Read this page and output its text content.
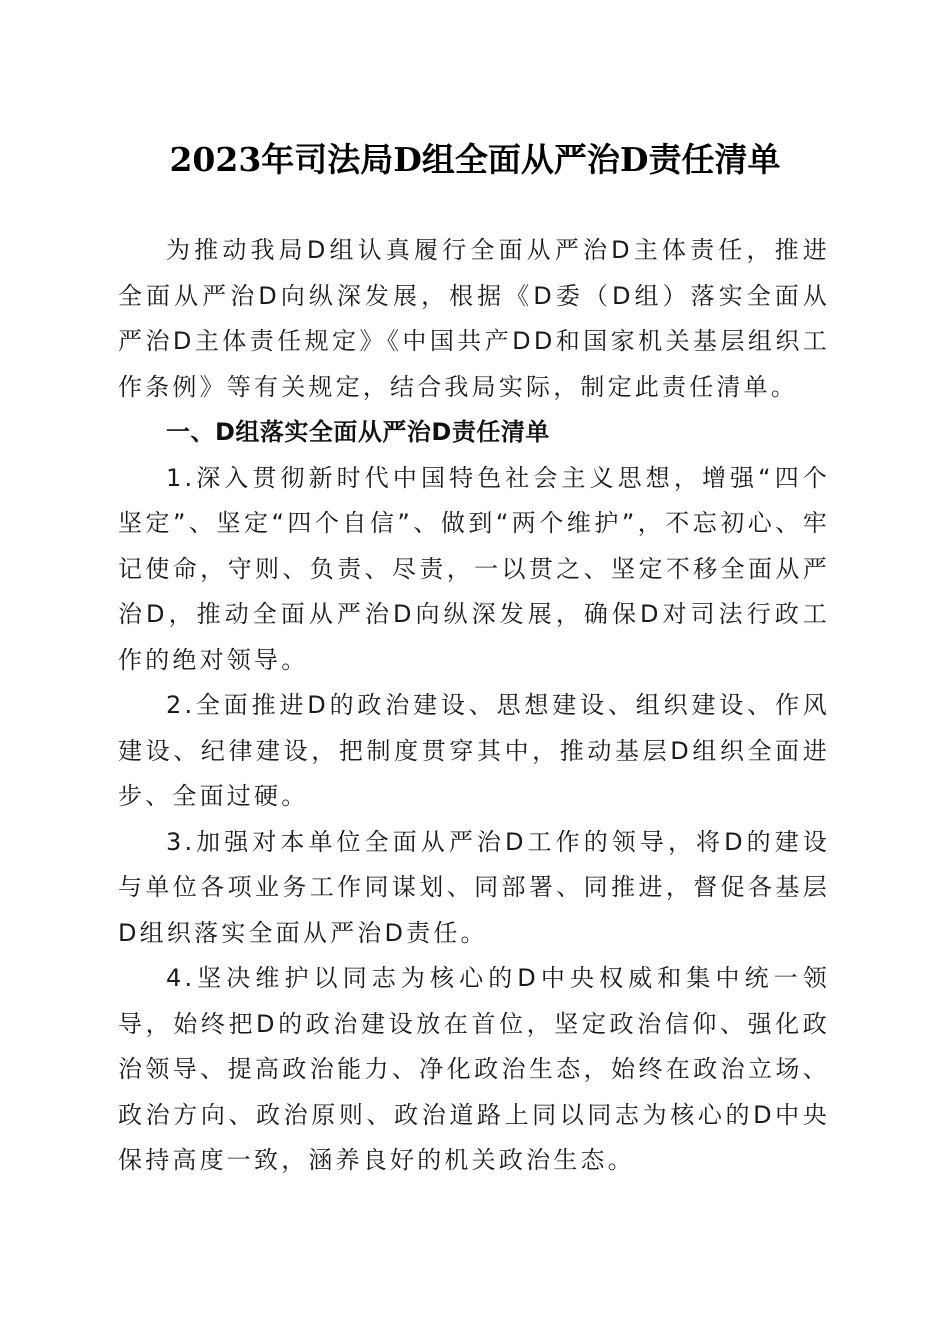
2023年司法局D组全面从严治D责任清单

为推动我局D组认真履行全面从严治D主体责任，推进全面从严治D向纵深发展，根据《D委（D组）落实全面从严治D主体责任规定》《中国共产DD和国家机关基层组织工作条例》等有关规定，结合我局实际，制定此责任清单。

一、D组落实全面从严治D责任清单

1.深入贯彻新时代中国特色社会主义思想，增强“四个坚定”、坚定“四个自信”、做到“两个维护”，不忘初心、牢记使命，守则、负责、尽责，一以贯之、坚定不移全面从严治D，推动全面从严治D向纵深发展，确保D对司法行政工作的绝对领导。

2.全面推进D的政治建设、思想建设、组织建设、作风建设、纪律建设，把制度贯穿其中，推动基层D组织全面进步、全面过硬。

3.加强对本单位全面从严治D工作的领导，将D的建设与单位各项业务工作同谋划、同部署、同推进，督促各基层D组织落实全面从严治D责任。

4.坚决维护以同志为核心的D中央权威和集中统一领导，始终把D的政治建设放在首位，坚定政治信仰、强化政治领导、提高政治能力、净化政治生态，始终在政治立场、政治方向、政治原则、政治道路上同以同志为核心的D中央保持高度一致，涵养良好的机关政治生态。
